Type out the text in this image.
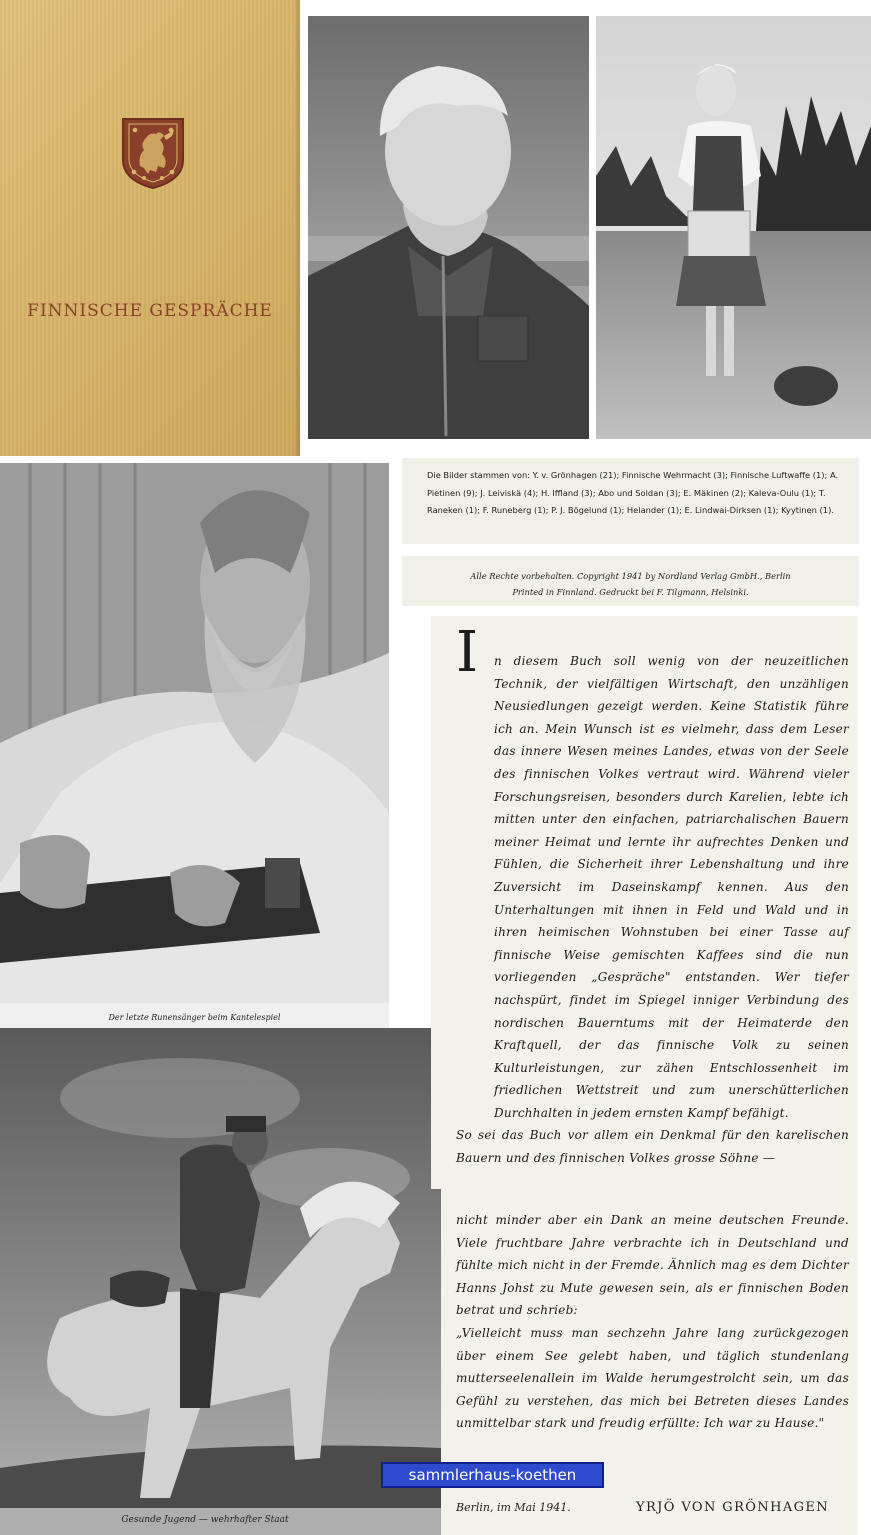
FINNISCHE GESPRÄCHE
Die Bilder stammen von: Y. v. Grönhagen (21); Finnische Wehrmacht (3); Finnische Luftwaffe (1); A. Pietinen (9); J. Leiviskä (4); H. Iffland (3); Abo und Soldan (3); E. Mäkinen (2); Kaleva-Oulu (1); T. Raneken (1); F. Runeberg (1); P. J. Bögelund (1); Helander (1); E. Lindwai-Dirksen (1); Kyytinen (1).
Alle Rechte vorbehalten. Copyright 1941 by Nordland Verlag GmbH., Berlin
Printed in Finnland. Gedruckt bei F. Tilgmann, Helsinki.
Der letzte Runensänger beim Kantelespiel
Gesunde Jugend — wehrhafter Staat
I	n diesem Buch soll wenig von der neuzeitlichen Technik, der vielfältigen Wirtschaft, den unzähligen Neusiedlungen gezeigt werden. Keine Statistik führe ich an. Mein Wunsch ist es vielmehr, dass dem Leser das innere Wesen meines Landes, etwas von der Seele des finnischen Volkes vertraut wird. Während vieler Forschungsreisen, besonders durch Karelien, lebte ich mitten unter den einfachen, patriarchalischen Bauern meiner Heimat und lernte ihr aufrechtes Denken und Fühlen, die Sicherheit ihrer Lebenshaltung und ihre Zuversicht im Daseinskampf kennen. Aus den Unterhaltungen mit ihnen in Feld und Wald und in ihren heimischen Wohnstuben bei einer Tasse auf finnische Weise gemischten Kaffees sind die nun vorliegenden „Gespräche" entstanden. Wer tiefer nachspürt, findet im Spiegel inniger Verbindung des nordischen Bauerntums mit der Heimaterde den Kraftquell, der das finnische Volk zu seinen Kulturleistungen, zur zähen Entschlossenheit im friedlichen Wettstreit und zum unerschütterlichen Durchhalten in jedem ernsten Kampf befähigt.

So sei das Buch vor allem ein Denkmal für den karelischen Bauern und des finnischen Volkes grosse Söhne —

nicht minder aber ein Dank an meine deutschen Freunde. Viele fruchtbare Jahre verbrachte ich in Deutschland und fühlte mich nicht in der Fremde. Ähnlich mag es dem Dichter Hanns Johst zu Mute gewesen sein, als er finnischen Boden betrat und schrieb:

„Vielleicht muss man sechzehn Jahre lang zurückgezogen über einem See gelebt haben, und täglich stundenlang mutterseelenallein im Walde herumgestrolcht sein, um das Gefühl zu verstehen, das mich bei Betreten dieses Landes unmittelbar stark und freudig erfüllte: Ich war zu Hause."

Berlin, im Mai 1941.	YRJÖ VON GRÖNHAGEN
sammlerhaus-koethen
